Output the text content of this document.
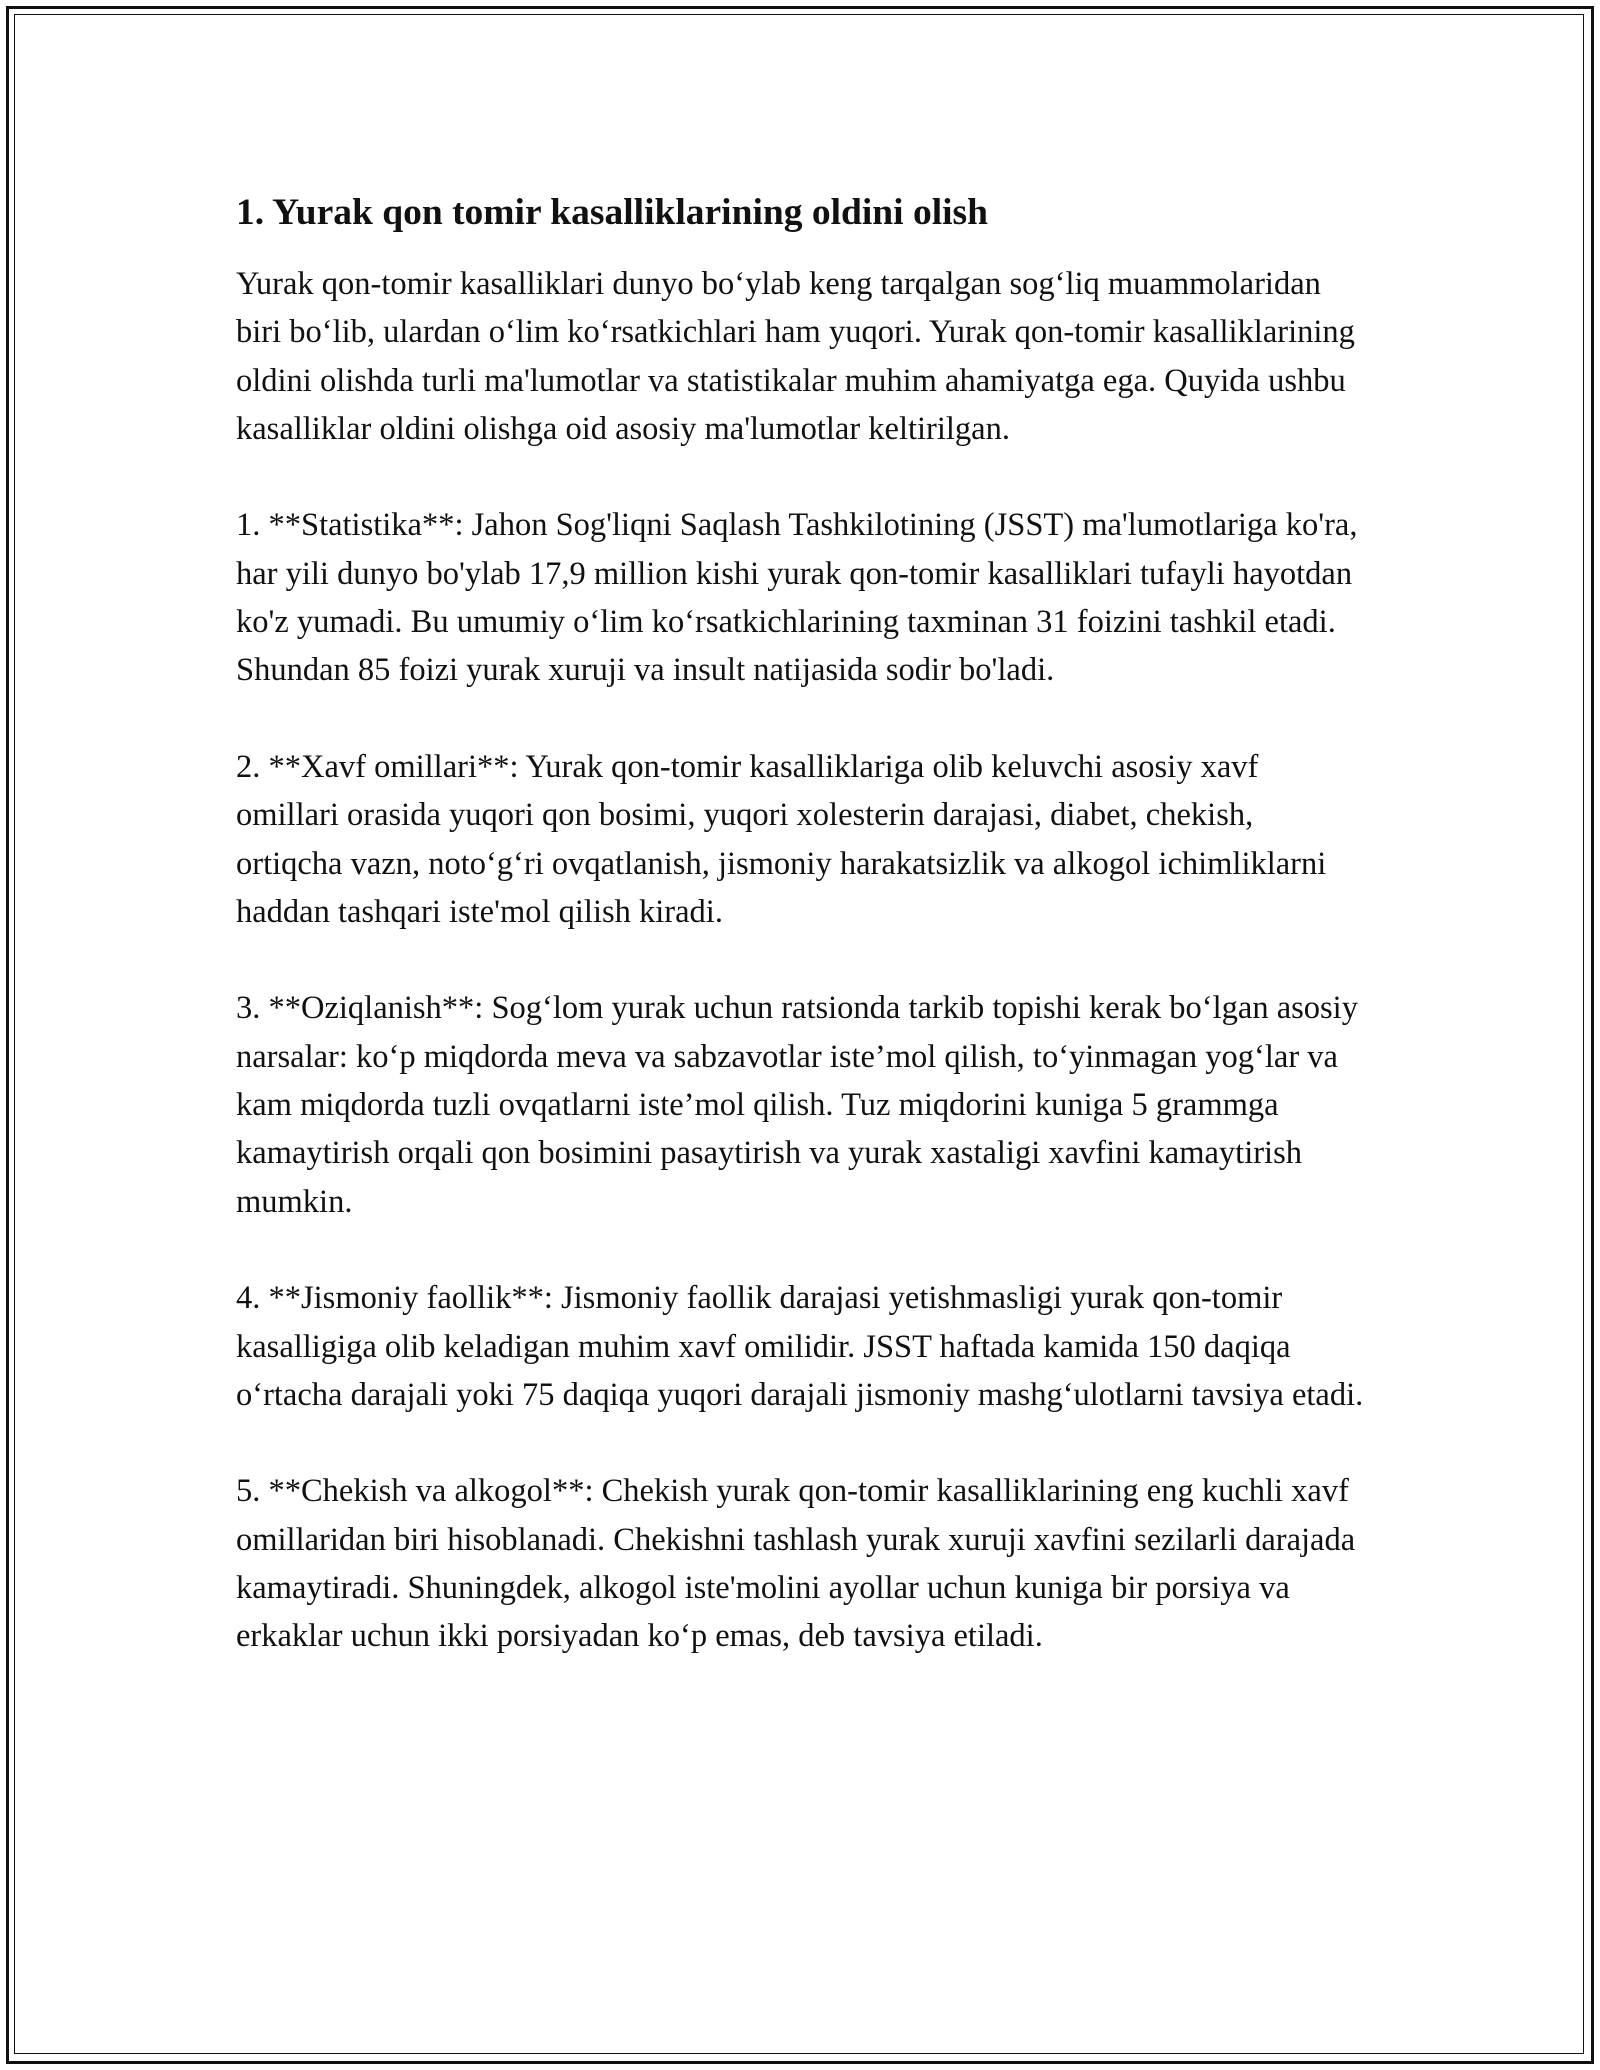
1. Yurak qon tomir kasalliklarining oldini olish

Yurak qon-tomir kasalliklari dunyo bo‘ylab keng tarqalgan sog‘liq muammolaridan biri bo‘lib, ulardan o‘lim ko‘rsatkichlari ham yuqori. Yurak qon-tomir kasalliklarining oldini olishda turli ma'lumotlar va statistikalar muhim ahamiyatga ega. Quyida ushbu kasalliklar oldini olishga oid asosiy ma'lumotlar keltirilgan.

1. **Statistika**: Jahon Sog'liqni Saqlash Tashkilotining (JSST) ma'lumotlariga ko'ra, har yili dunyo bo'ylab 17,9 million kishi yurak qon-tomir kasalliklari tufayli hayotdan ko'z yumadi. Bu umumiy o‘lim ko‘rsatkichlarining taxminan 31 foizini tashkil etadi. Shundan 85 foizi yurak xuruji va insult natijasida sodir bo'ladi.

2. **Xavf omillari**: Yurak qon-tomir kasalliklariga olib keluvchi asosiy xavf omillari orasida yuqori qon bosimi, yuqori xolesterin darajasi, diabet, chekish, ortiqcha vazn, noto‘g‘ri ovqatlanish, jismoniy harakatsizlik va alkogol ichimliklarni haddan tashqari iste'mol qilish kiradi.

3. **Oziqlanish**: Sog‘lom yurak uchun ratsionda tarkib topishi kerak bo‘lgan asosiy narsalar: ko‘p miqdorda meva va sabzavotlar iste’mol qilish, to‘yinmagan yog‘lar va kam miqdorda tuzli ovqatlarni iste’mol qilish. Tuz miqdorini kuniga 5 grammga kamaytirish orqali qon bosimini pasaytirish va yurak xastaligi xavfini kamaytirish mumkin.

4. **Jismoniy faollik**: Jismoniy faollik darajasi yetishmasligi yurak qon-tomir kasalligiga olib keladigan muhim xavf omilidir. JSST haftada kamida 150 daqiqa o‘rtacha darajali yoki 75 daqiqa yuqori darajali jismoniy mashg‘ulotlarni tavsiya etadi.

5. **Chekish va alkogol**: Chekish yurak qon-tomir kasalliklarining eng kuchli xavf omillaridan biri hisoblanadi. Chekishni tashlash yurak xuruji xavfini sezilarli darajada kamaytiradi. Shuningdek, alkogol iste'molini ayollar uchun kuniga bir porsiya va erkaklar uchun ikki porsiyadan ko‘p emas, deb tavsiya etiladi.
